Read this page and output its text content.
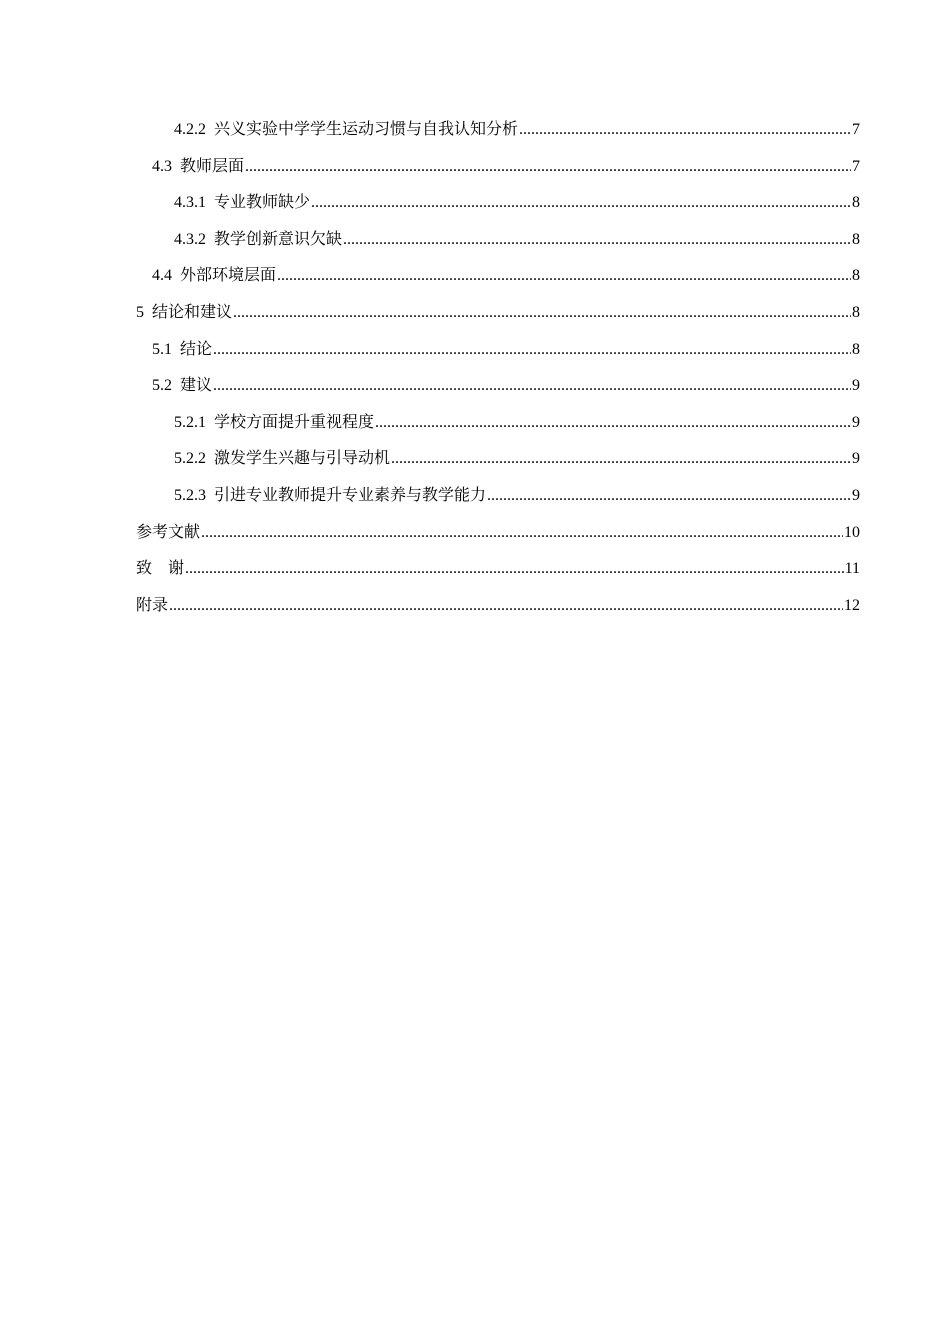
4.2.2 兴义实验中学学生运动习惯与自我认知分析 .....	7
4.3 教师层面 .....	7
4.3.1 专业教师缺少 .....	8
4.3.2 教学创新意识欠缺 .....	8
4.4 外部环境层面 .....	8
5 结论和建议 .....	8
5.1 结论 .....	8
5.2 建议 .....	9
5.2.1 学校方面提升重视程度 .....	9
5.2.2 激发学生兴趣与引导动机 .....	9
5.2.3 引进专业教师提升专业素养与教学能力 .....	9
参考文献 .....	10
致　谢 .....	11
附录 .....	12
